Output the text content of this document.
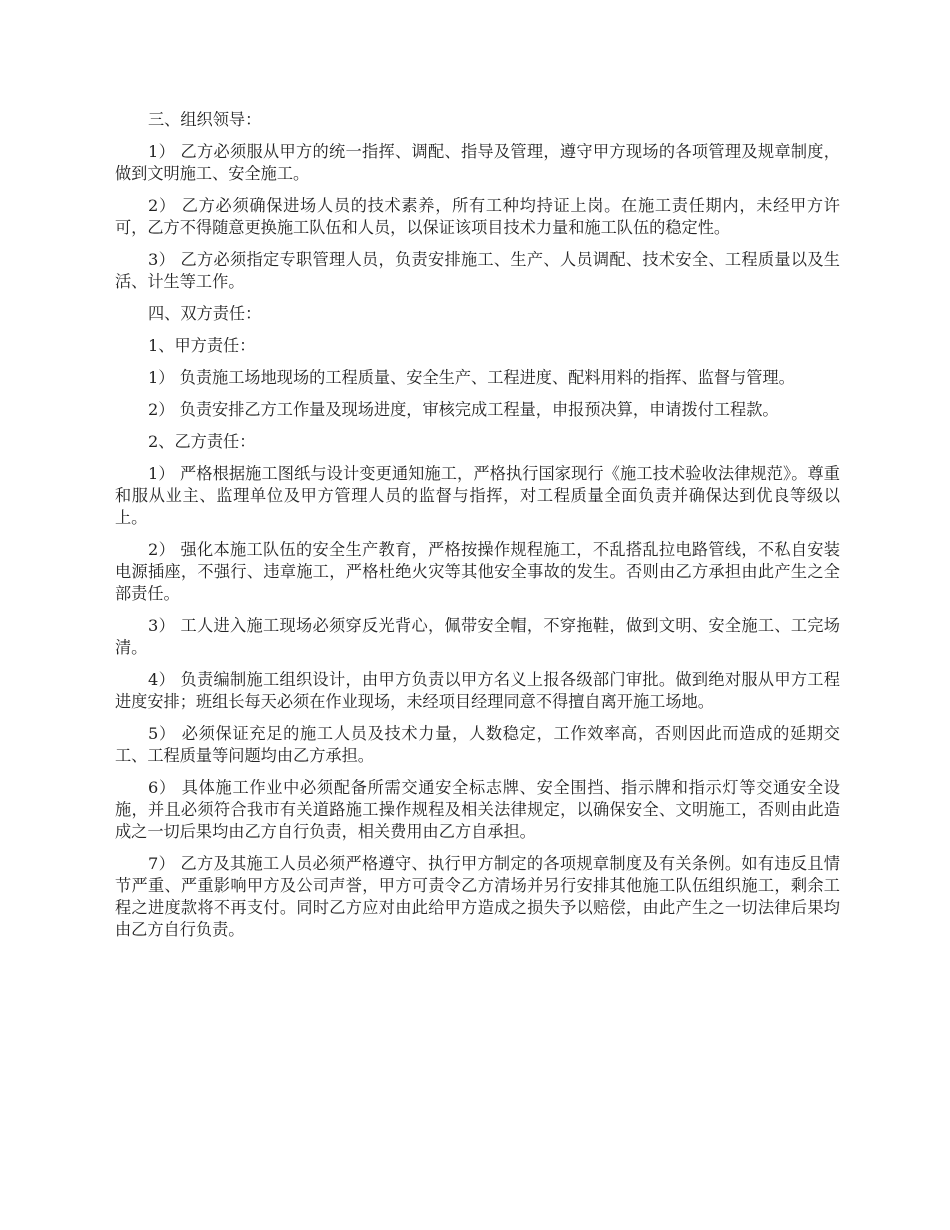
三、组织领导：

1） 乙方必须服从甲方的统一指挥、调配、指导及管理，遵守甲方现场的各项管理及规章制度，做到文明施工、安全施工。

2） 乙方必须确保进场人员的技术素养，所有工种均持证上岗。在施工责任期内，未经甲方许可，乙方不得随意更换施工队伍和人员，以保证该项目技术力量和施工队伍的稳定性。

3） 乙方必须指定专职管理人员，负责安排施工、生产、人员调配、技术安全、工程质量以及生活、计生等工作。

四、双方责任：

1、甲方责任：

1） 负责施工场地现场的工程质量、安全生产、工程进度、配料用料的指挥、监督与管理。

2） 负责安排乙方工作量及现场进度，审核完成工程量，申报预决算，申请拨付工程款。

2、乙方责任：

1） 严格根据施工图纸与设计变更通知施工，严格执行国家现行《施工技术验收法律规范》。尊重和服从业主、监理单位及甲方管理人员的监督与指挥，对工程质量全面负责并确保达到优良等级以上。

2） 强化本施工队伍的安全生产教育，严格按操作规程施工，不乱搭乱拉电路管线，不私自安装电源插座，不强行、违章施工，严格杜绝火灾等其他安全事故的发生。否则由乙方承担由此产生之全部责任。

3） 工人进入施工现场必须穿反光背心，佩带安全帽，不穿拖鞋，做到文明、安全施工、工完场清。

4） 负责编制施工组织设计，由甲方负责以甲方名义上报各级部门审批。做到绝对服从甲方工程进度安排；班组长每天必须在作业现场，未经项目经理同意不得擅自离开施工场地。

5） 必须保证充足的施工人员及技术力量，人数稳定，工作效率高，否则因此而造成的延期交工、工程质量等问题均由乙方承担。

6） 具体施工作业中必须配备所需交通安全标志牌、安全围挡、指示牌和指示灯等交通安全设施，并且必须符合我市有关道路施工操作规程及相关法律规定，以确保安全、文明施工，否则由此造成之一切后果均由乙方自行负责，相关费用由乙方自承担。

7） 乙方及其施工人员必须严格遵守、执行甲方制定的各项规章制度及有关条例。如有违反且情节严重、严重影响甲方及公司声誉，甲方可责令乙方清场并另行安排其他施工队伍组织施工，剩余工程之进度款将不再支付。同时乙方应对由此给甲方造成之损失予以赔偿，由此产生之一切法律后果均由乙方自行负责。
